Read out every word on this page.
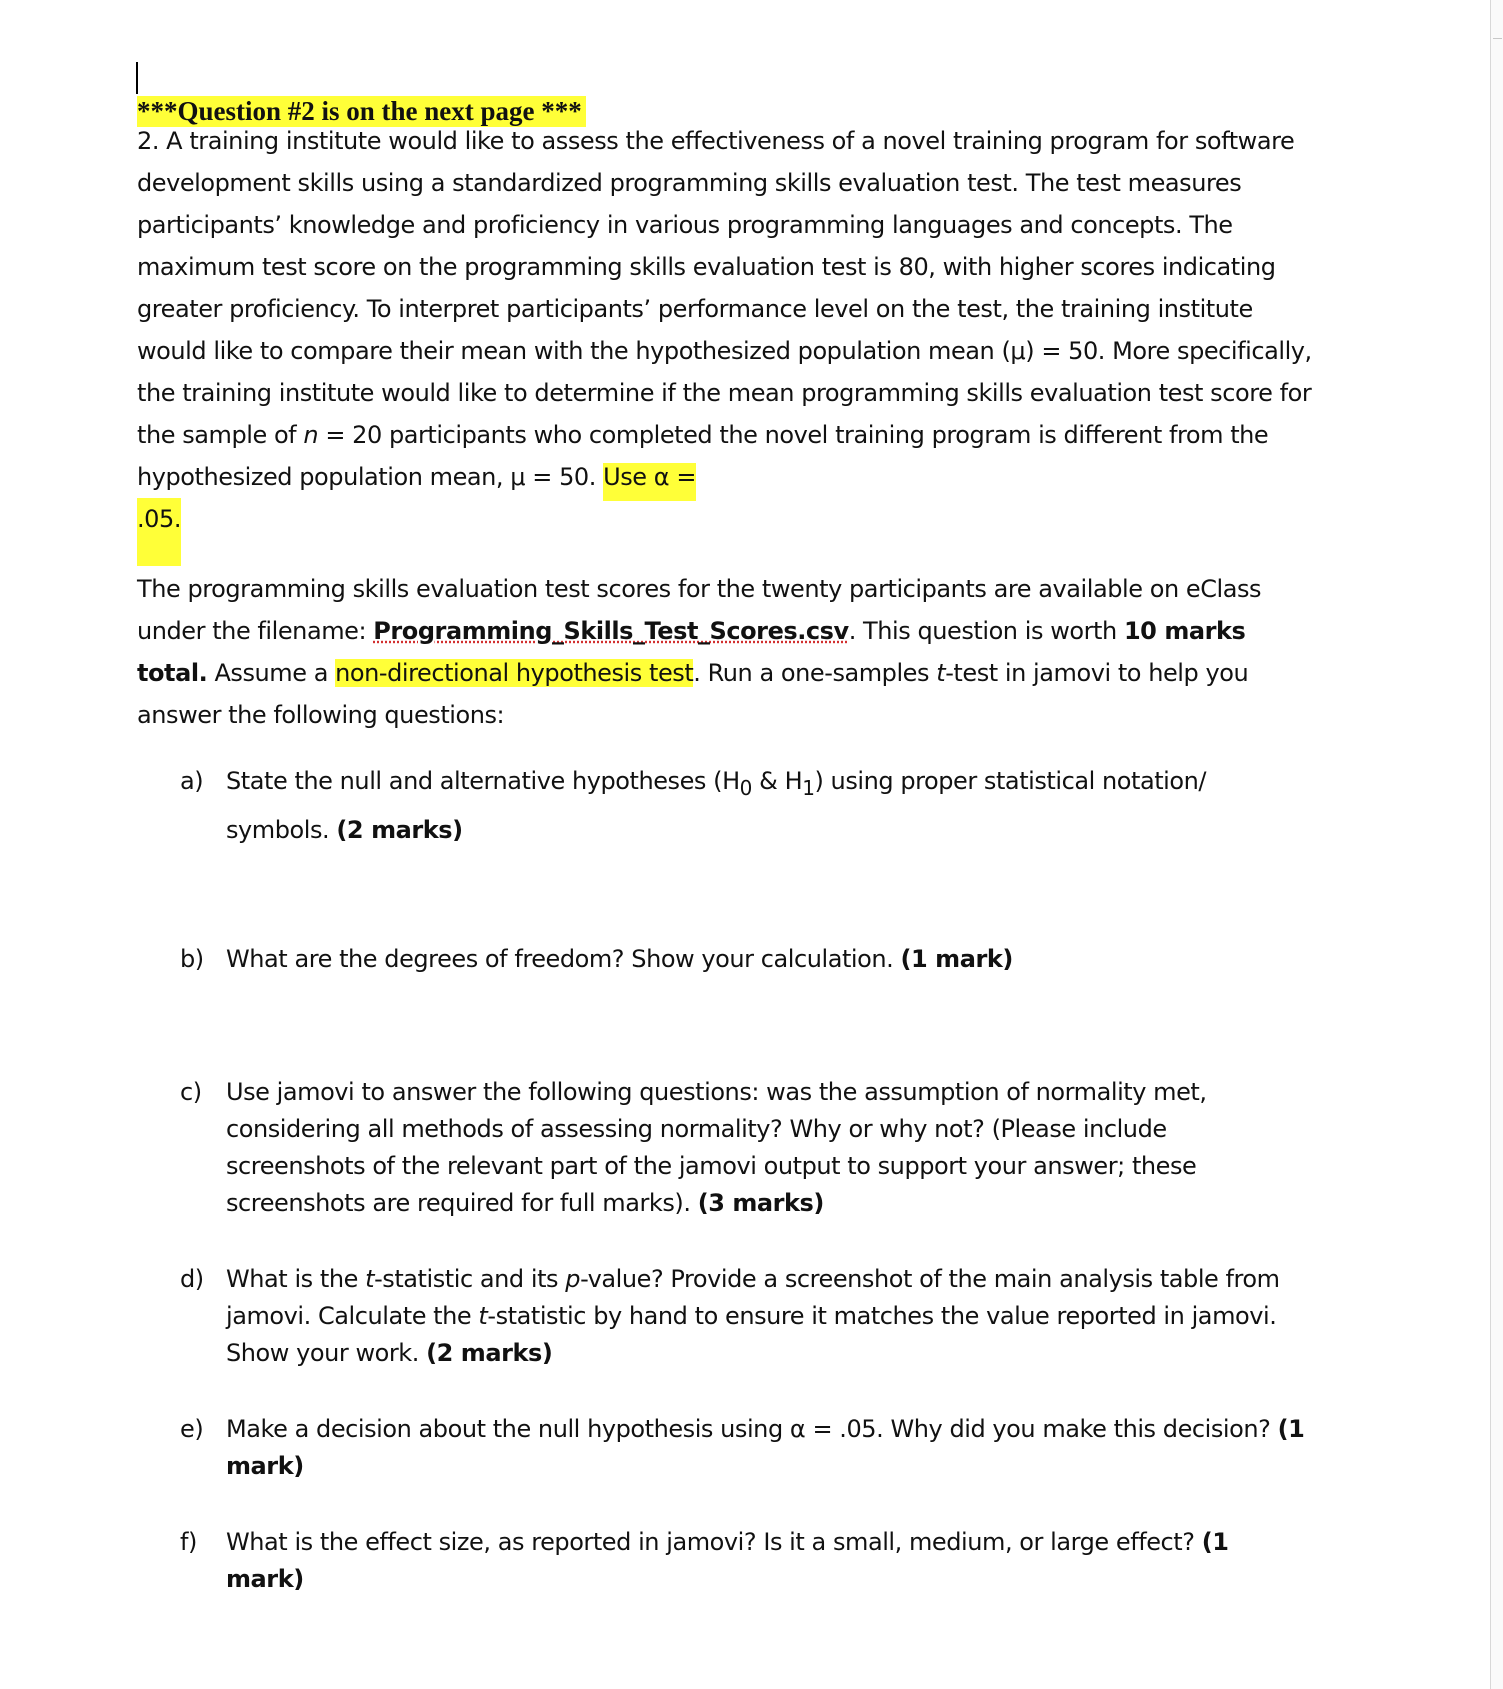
***Question #2 is on the next page ***

2. A training institute would like to assess the effectiveness of a novel training program for software development skills using a standardized programming skills evaluation test. The test measures participants’ knowledge and proficiency in various programming languages and concepts. The maximum test score on the programming skills evaluation test is 80, with higher scores indicating greater proficiency. To interpret participants’ performance level on the test, the training institute would like to compare their mean with the hypothesized population mean (μ) = 50. More specifically, the training institute would like to determine if the mean programming skills evaluation test score for the sample of n = 20 participants who completed the novel training program is different from the hypothesized population mean, μ = 50. Use α =
.05.

The programming skills evaluation test scores for the twenty participants are available on eClass under the filename: Programming_Skills_Test_Scores.csv. This question is worth 10 marks total. Assume a non-directional hypothesis test. Run a one-samples t-test in jamovi to help you answer the following questions:

a) State the null and alternative hypotheses ($H_0$ & $H_1$) using proper statistical notation/ symbols. (2 marks)
b) What are the degrees of freedom? Show your calculation. (1 mark)
c)	Use jamovi to answer the following questions: was the assumption of normality met, considering all methods of assessing normality? Why or why not? (Please include screenshots of the relevant part of the jamovi output to support your answer; these screenshots are required for full marks). (3 marks)
d) What is the t-statistic and its p-value? Provide a screenshot of the main analysis table from jamovi. Calculate the t-statistic by hand to ensure it matches the value reported in jamovi. Show your work. (2 marks)
e) Make a decision about the null hypothesis using α = .05. Why did you make this decision? (1 mark)
f)	What is the effect size, as reported in jamovi? Is it a small, medium, or large effect? (1 mark)
